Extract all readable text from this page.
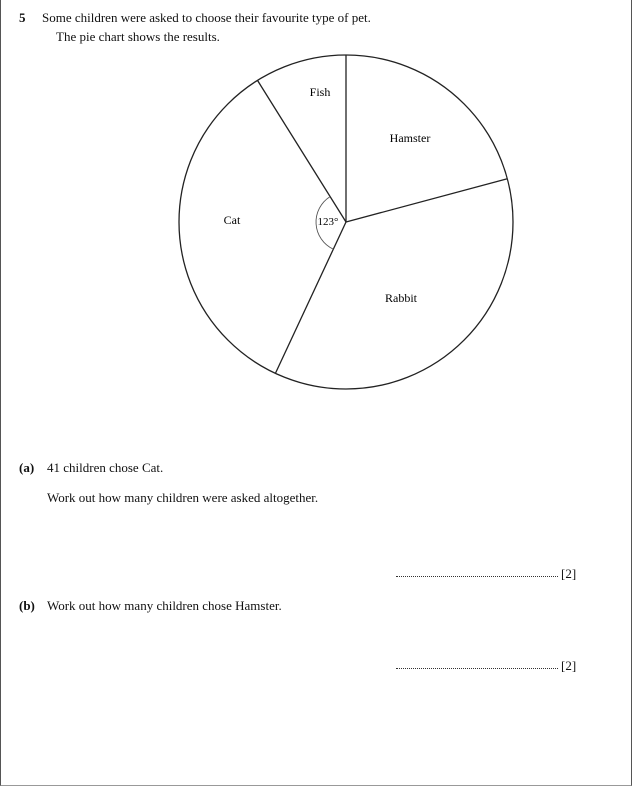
5 Some children were asked to choose their favourite type of pet.
The pie chart shows the results.
Fish
Hamster
Cat
Rabbit
123°
(a) 41 children chose Cat.
Work out how many children were asked altogether.
[2]
(b) Work out how many children chose Hamster.
[2]
